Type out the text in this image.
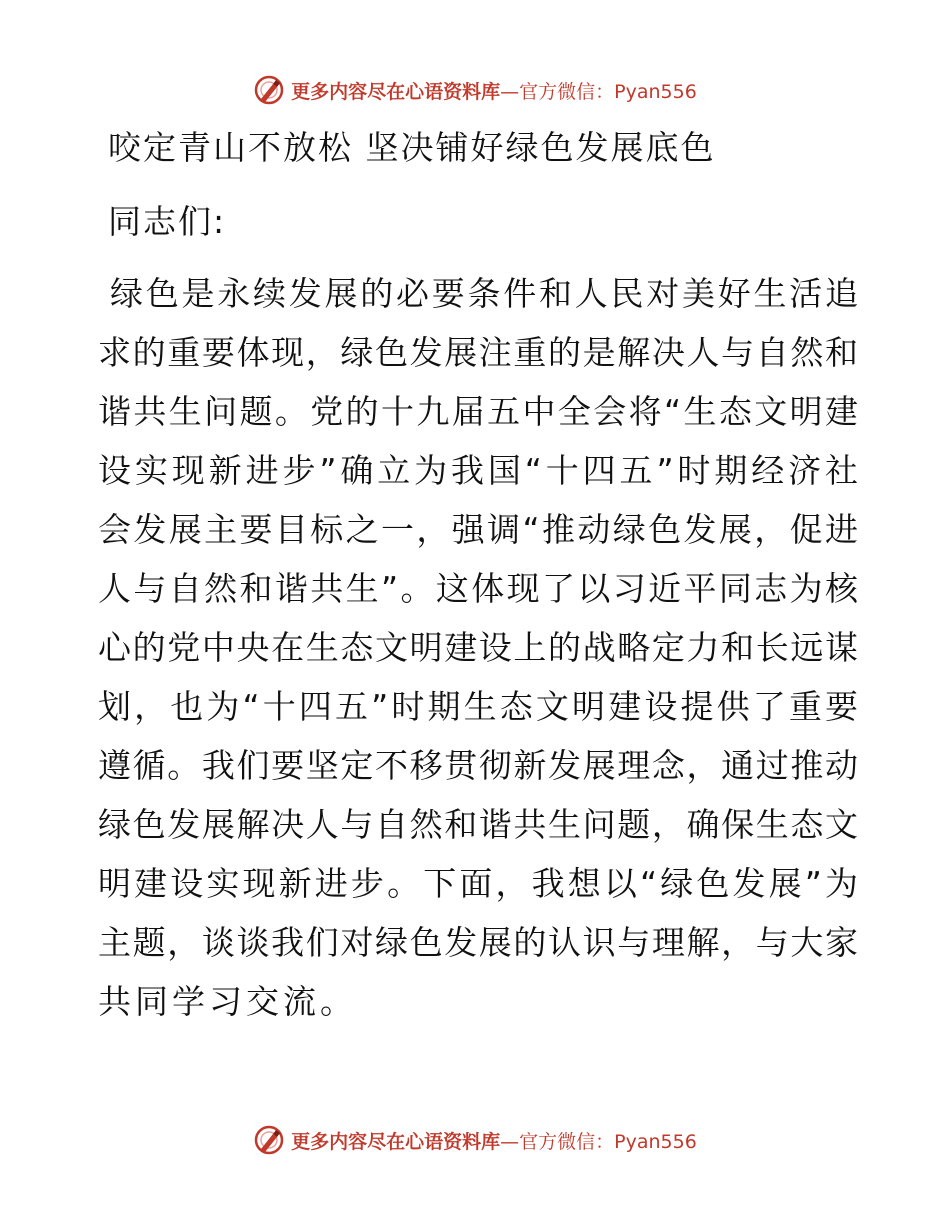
更多内容尽在心语资料库 —官方微信：Pyan556
咬定青山不放松 坚决铺好绿色发展底色
同志们:
绿色是永续发展的必要条件和人民对美好生活追
求的重要体现，绿色发展注重的是解决人与自然和
谐共生问题。党的十九届五中全会将“生态文明建
设实现新进步”确立为我国“十四五”时期经济社
会发展主要目标之一，强调“推动绿色发展，促进
人与自然和谐共生”。这体现了以习近平同志为核
心的党中央在生态文明建设上的战略定力和长远谋
划，也为“十四五”时期生态文明建设提供了重要
遵循。我们要坚定不移贯彻新发展理念，通过推动
绿色发展解决人与自然和谐共生问题，确保生态文
明建设实现新进步。下面，我想以“绿色发展”为
主题，谈谈我们对绿色发展的认识与理解，与大家
共同学习交流。
更多内容尽在心语资料库 —官方微信：Pyan556
